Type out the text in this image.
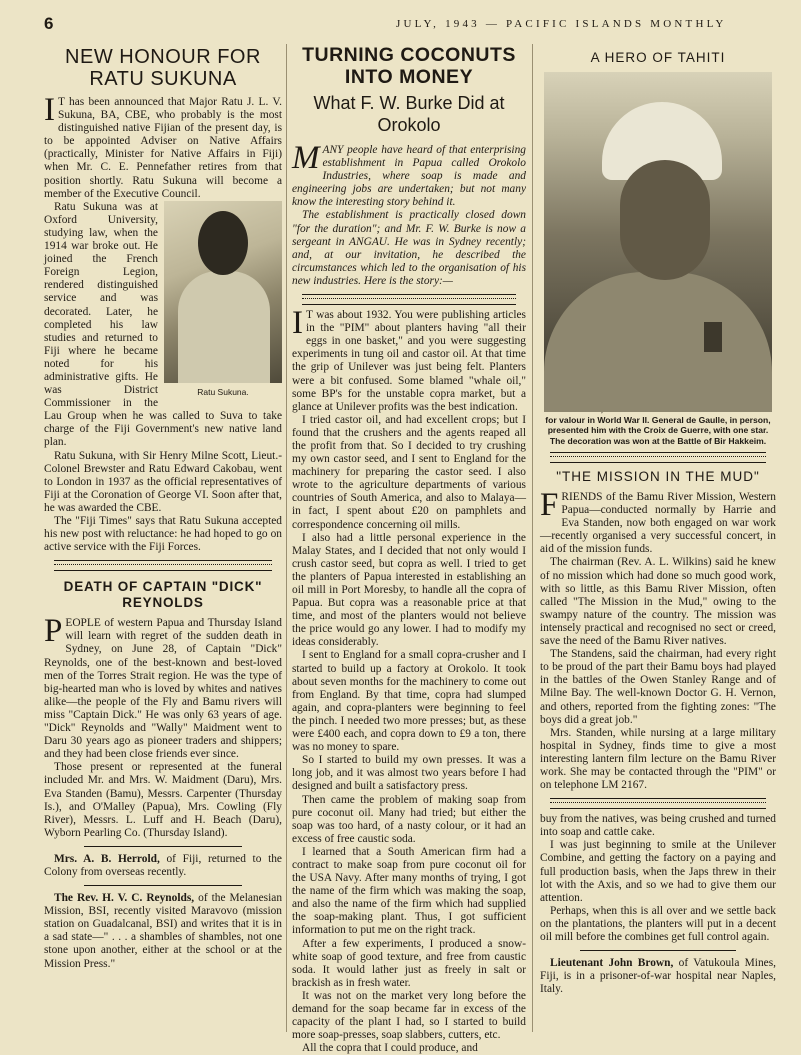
6	JULY, 1943 — PACIFIC ISLANDS MONTHLY
NEW HONOUR FOR RATU SUKUNA

I T has been announced that Major Ratu J. L. V. Sukuna, BA, CBE, who probably is the most distinguished native Fijian of the present day, is to be appointed Adviser on Native Affairs (practically, Minister for Native Affairs in Fiji) when Mr. C. E. Pennefather retires from that position shortly. Ratu Sukuna will become a member of the Executive Council.

Ratu Sukuna.

Ratu Sukuna was at Oxford University, studying law, when the 1914 war broke out. He joined the French Foreign Legion, rendered distinguished service and was decorated. Later, he completed his law studies and returned to Fiji where he became noted for his administrative gifts. He was District Commissioner in the Lau Group when he was called to Suva to take charge of the Fiji Government's new native land plan.

Ratu Sukuna, with Sir Henry Milne Scott, Lieut.-Colonel Brewster and Ratu Edward Cakobau, went to London in 1937 as the official representatives of Fiji at the Coronation of George VI. Soon after that, he was awarded the CBE.

The "Fiji Times" says that Ratu Sukuna accepted his new post with reluctance: he had hoped to go on active service with the Fiji Forces.

DEATH OF CAPTAIN "DICK" REYNOLDS

PEOPLE of western Papua and Thursday Island will learn with regret of the sudden death in Sydney, on June 28, of Captain "Dick" Reynolds, one of the best-known and best-loved men of the Torres Strait region. He was the type of big-hearted man who is loved by whites and natives alike—the people of the Fly and Bamu rivers will miss "Captain Dick." He was only 63 years of age. "Dick" Reynolds and "Wally" Maidment went to Daru 30 years ago as pioneer traders and shippers; and they had been close friends ever since.

Those present or represented at the funeral included Mr. and Mrs. W. Maidment (Daru), Mrs. Eva Standen (Bamu), Messrs. Carpenter (Thursday Is.), and O'Malley (Papua), Mrs. Cowling (Fly River), Messrs. L. Luff and H. Beach (Daru), Wyborn Pearling Co. (Thursday Island).

Mrs. A. B. Herrold, of Fiji, returned to the Colony from overseas recently.

The Rev. H. V. C. Reynolds, of the Melanesian Mission, BSI, recently visited Maravovo (mission station on Guadalcanal, BSI) and writes that it is in a sad state—" . . . a shambles of shambles, not one stone upon another, either at the school or at the Mission Press."

TURNING COCONUTS INTO MONEY
What F. W. Burke Did at Orokolo

MANY people have heard of that enterprising establishment in Papua called Orokolo Industries, where soap is made and engineering jobs are undertaken; but not many know the interesting story behind it.

The establishment is practically closed down "for the duration"; and Mr. F. W. Burke is now a sergeant in ANGAU. He was in Sydney recently; and, at our invitation, he described the circumstances which led to the organisation of his new industries. Here is the story:—

I T was about 1932. You were publishing articles in the "PIM" about planters having "all their eggs in one basket," and you were suggesting experiments in tung oil and castor oil. At that time the grip of Unilever was just being felt. Planters were a bit confused. Some blamed "whale oil," some BP's for the unstable copra market, but a glance at Unilever profits was the best indication.

I tried castor oil, and had excellent crops; but I found that the crushers and the agents reaped all the profit from that. So I decided to try crushing my own castor seed, and I sent to England for the machinery for preparing the castor seed. I also wrote to the agriculture departments of various countries of South America, and also to Malaya—in fact, I spent about £20 on pamphlets and correspondence concerning oil mills.

I also had a little personal experience in the Malay States, and I decided that not only would I crush castor seed, but copra as well. I tried to get the planters of Papua interested in establishing an oil mill in Port Moresby, to handle all the copra of Papua. But copra was a reasonable price at that time, and most of the planters would not believe the price would go any lower. I had to modify my ideas considerably.

I sent to England for a small copra-crusher and I started to build up a factory at Orokolo. It took about seven months for the machinery to come out from England. By that time, copra had slumped again, and copra-planters were beginning to feel the pinch. I needed two more presses; but, as these were £400 each, and copra down to £9 a ton, there was no money to spare.

So I started to build my own presses. It was a long job, and it was almost two years before I had designed and built a satisfactory press.

Then came the problem of making soap from pure coconut oil. Many had tried; but either the soap was too hard, of a nasty colour, or it had an excess of free caustic soda.

I learned that a South American firm had a contract to make soap from pure coconut oil for the USA Navy. After many months of trying, I got the name of the firm which was making the soap, and also the name of the firm which had supplied the soap-making plant. Thus, I got sufficient information to put me on the right track.

After a few experiments, I produced a snow-white soap of good texture, and free from caustic soda. It would lather just as freely in salt or brackish as in fresh water.

It was not on the market very long before the demand for the soap became far in excess of the capacity of the plant I had, so I started to build more soap-presses, soap slabbers, cutters, etc.

All the copra that I could produce, and

A HERO OF TAHITI
for valour in World War II. General de Gaulle, in person, presented him with the Croix de Guerre, with one star. The decoration was won at the Battle of Bir Hakkeim.
"THE MISSION IN THE MUD"

FRIENDS of the Bamu River Mission, Western Papua—conducted normally by Harrie and Eva Standen, now both engaged on war work—recently organised a very successful concert, in aid of the mission funds.

The chairman (Rev. A. L. Wilkins) said he knew of no mission which had done so much good work, with so little, as this Bamu River Mission, often called "The Mission in the Mud," owing to the swampy nature of the country. The mission was intensely practical and recognised no sect or creed, save the need of the Bamu River natives.

The Standens, said the chairman, had every right to be proud of the part their Bamu boys had played in the battles of the Owen Stanley Range and of Milne Bay. The well-known Doctor G. H. Vernon, and others, reported from the fighting zones: "The boys did a great job."

Mrs. Standen, while nursing at a large military hospital in Sydney, finds time to give a most interesting lantern film lecture on the Bamu River work. She may be contacted through the "PIM" or on telephone LM 2167.

buy from the natives, was being crushed and turned into soap and cattle cake.

I was just beginning to smile at the Unilever Combine, and getting the factory on a paying and full production basis, when the Japs threw in their lot with the Axis, and so we had to give them our attention.

Perhaps, when this is all over and we settle back on the plantations, the planters will put in a decent oil mill before the combines get full control again.

Lieutenant John Brown, of Vatukoula Mines, Fiji, is in a prisoner-of-war hospital near Naples, Italy.
